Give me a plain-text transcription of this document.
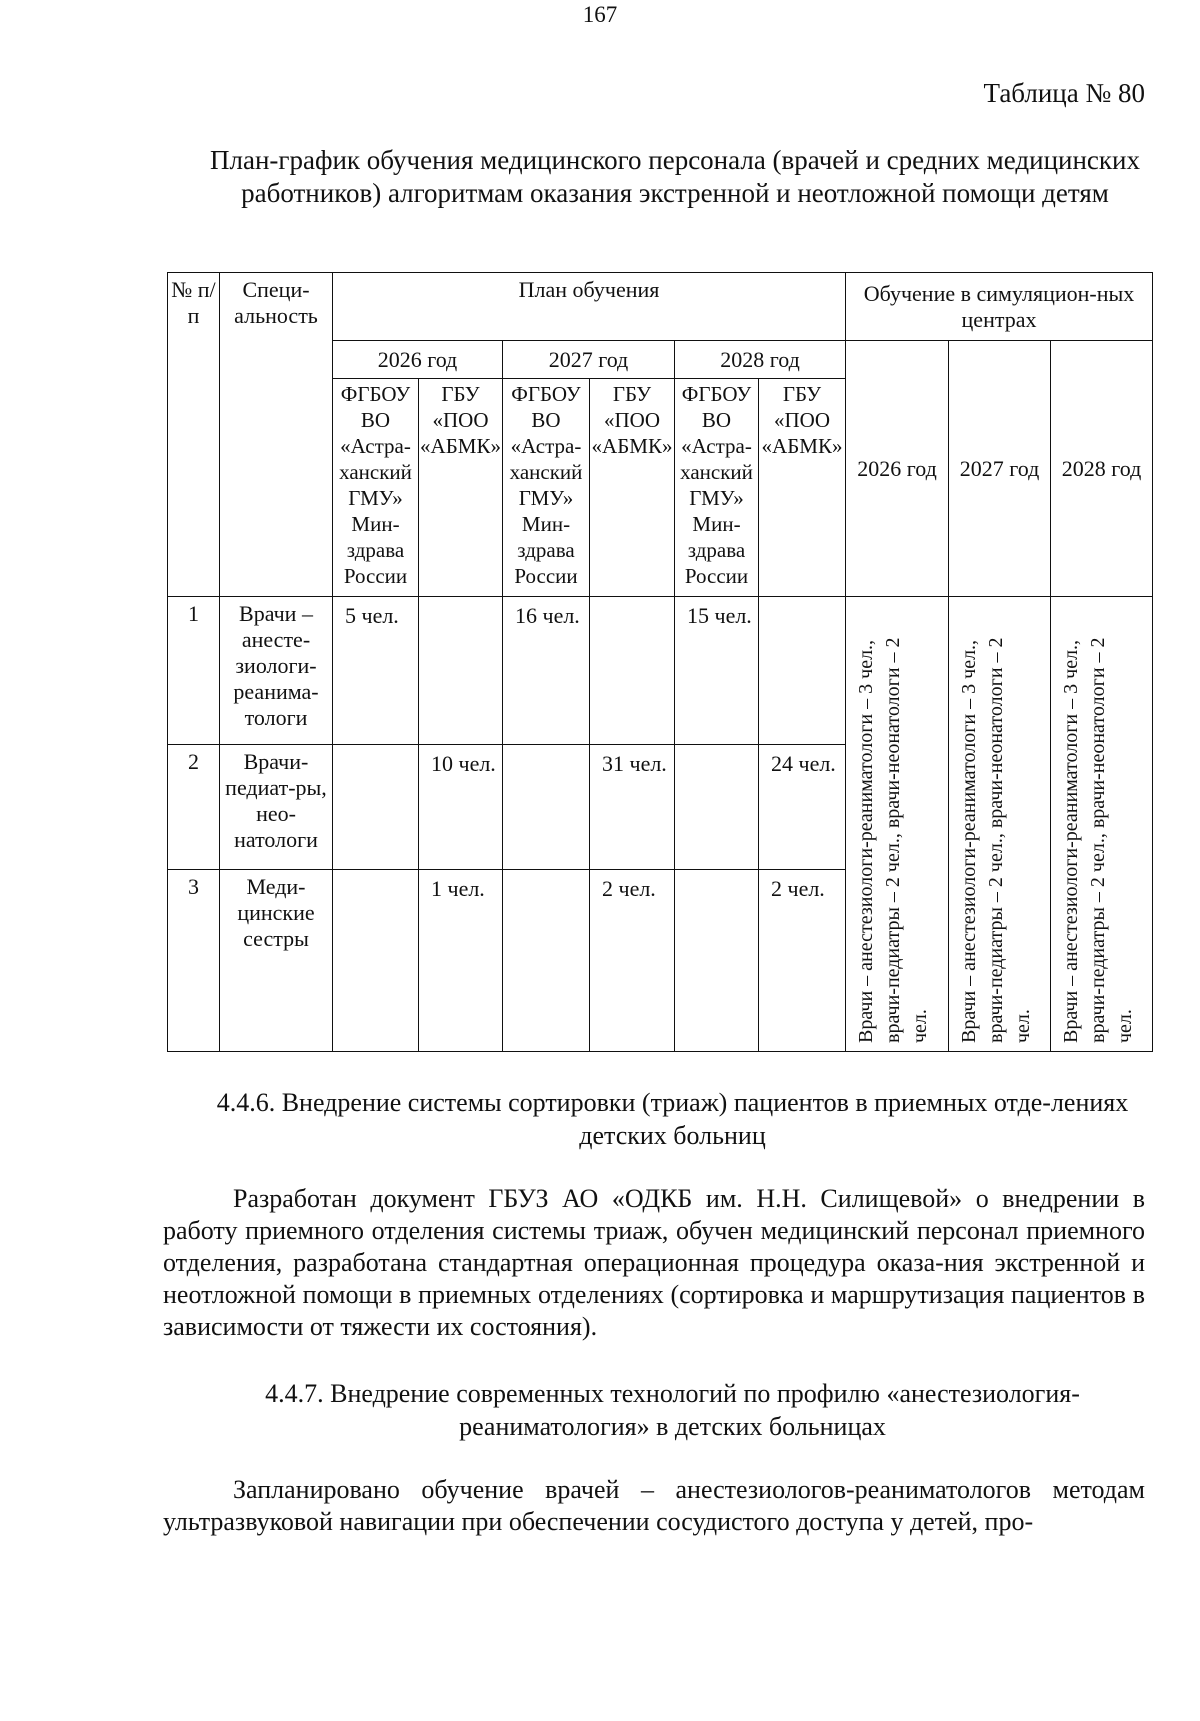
167
Таблица № 80
План-график обучения медицинского персонала (врачей и средних медицинских работников) алгоритмам оказания экстренной и неотложной помощи детям
№ п/п	Специ-альность	План обучения						Обучение в симуляцион-ных центрах		
		2026 год		2027 год		2028 год		2026 год	2027 год	2028 год
		ФГБОУ ВО «Астра-ханский ГМУ» Мин-здрава России	ГБУ «ПОО «АБМК»	ФГБОУ ВО «Астра-ханский ГМУ» Мин-здрава России	ГБУ «ПОО «АБМК»	ФГБОУ ВО «Астра-ханский ГМУ» Мин-здрава России	ГБУ «ПОО «АБМК»			
1	Врачи – анесте-зиологи-реанима-тологи	5 чел.		16 чел.		15 чел.		Врачи – анестезиологи-реаниматологи – 3 чел., врачи-педиатры – 2 чел., врачи-неонатологи – 2 чел.	Врачи – анестезиологи-реаниматологи – 3 чел., врачи-педиатры – 2 чел., врачи-неонатологи – 2 чел.	Врачи – анестезиологи-реаниматологи – 3 чел., врачи-педиатры – 2 чел., врачи-неонатологи – 2 чел.

2	Врачи-педиат-ры, нео-натологи		10 чел.		31 чел.		24 чел.			
3	Меди-цинские сестры		1 чел.		2 чел.		2 чел.			
4.4.6. Внедрение системы сортировки (триаж) пациентов в приемных отде-лениях детских больниц
Разработан документ ГБУЗ АО «ОДКБ им. Н.Н. Силищевой» о внедрении в работу приемного отделения системы триаж, обучен медицинский персонал приемного отделения, разработана стандартная операционная процедура оказа-ния экстренной и неотложной помощи в приемных отделениях (сортировка и маршрутизация пациентов в зависимости от тяжести их состояния).
4.4.7. Внедрение современных технологий по профилю «анестезиология-реаниматология» в детских больницах
Запланировано обучение врачей – анестезиологов-реаниматологов методам ультразвуковой навигации при обеспечении сосудистого доступа у детей, про-
